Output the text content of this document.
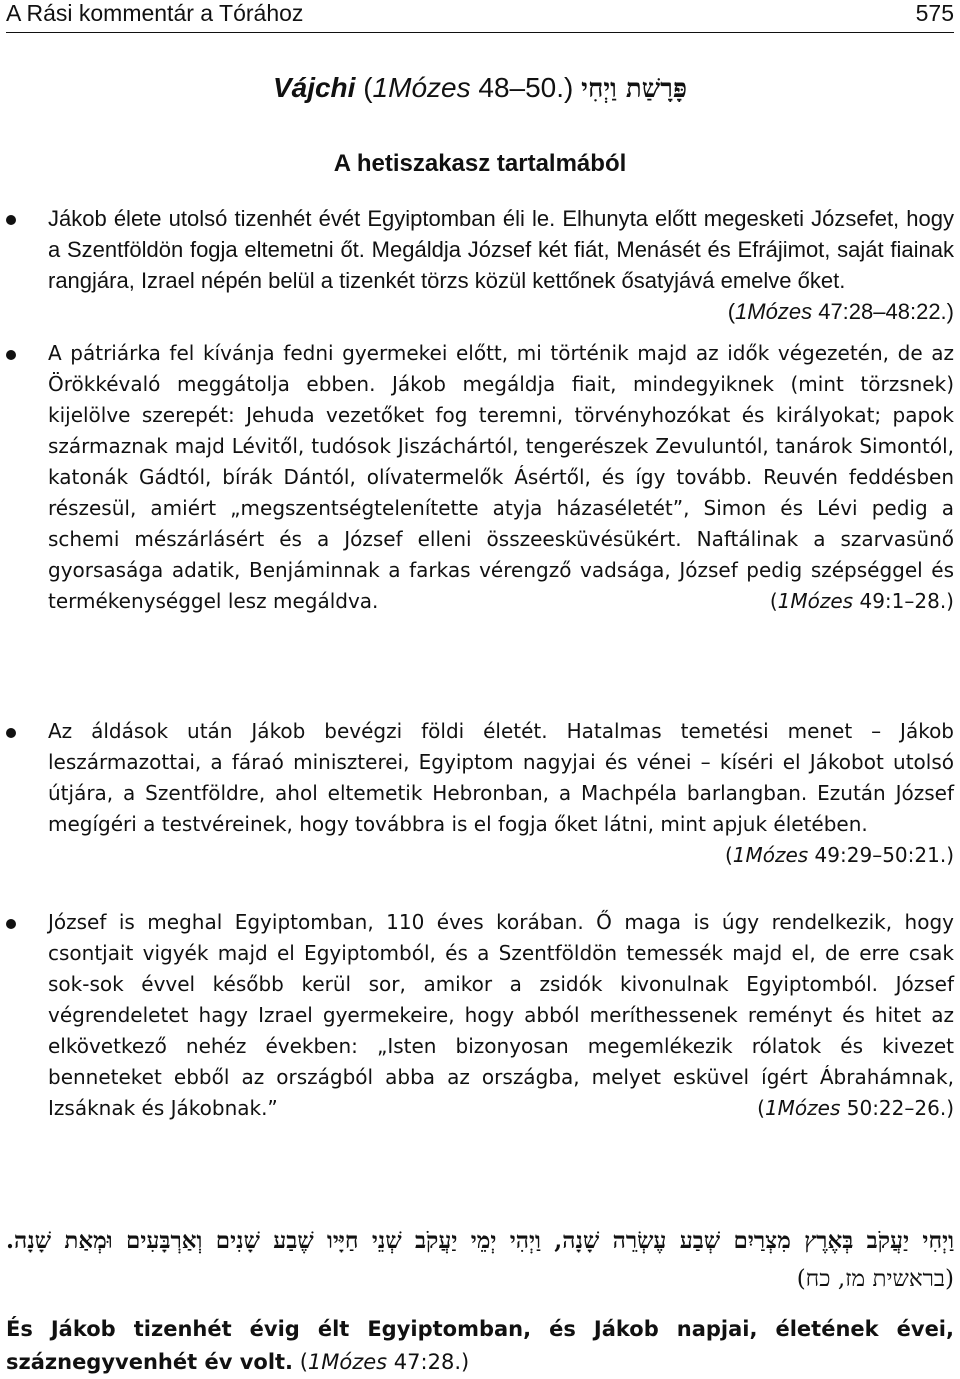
A Rási kommentár a Tórához	575
Vájchi (1Mózes 48–50.) פָּרָשַׁת וַיְחִי
A hetiszakasz tartalmából
Jákob élete utolsó tizenhét évét Egyiptomban éli le. Elhunyta előtt megesketi Józsefet, hogy a Szentföldön fogja eltemetni őt. Megáldja József két fiát, Menásét és Efrájimot, saját fiainak rangjára, Izrael népén belül a tizenkét törzs közül kettőnek ősatyjává emelve őket.
(1Mózes 47:28–48:22.)
A pátriárka fel kívánja fedni gyermekei előtt, mi történik majd az idők végezetén, de az Örökkévaló meggátolja ebben. Jákob megáldja fiait, mindegyiknek (mint törzsnek) kijelölve szerepét: Jehuda vezetőket fog teremni, törvényhozókat és királyokat; papok származnak majd Lévitől, tudósok Jiszáchártól, tengerészek Zevuluntól, tanárok Simontól, katonák Gádtól, bírák Dántól, olívatermelők Ásértől, és így tovább. Reuvén feddésben részesül, amiért „megszentségtelenítette atyja házaséletét”, Simon és Lévi pedig a schemi mészárlásért és a József elleni összeesküvésükért. Naftálinak a szarvasünő gyorsasága adatik, Benjáminnak a farkas vérengző vadsága, József pedig szépséggel és termékenységgel lesz megáldva.	(1Mózes 49:1–28.)
Az áldások után Jákob bevégzi földi életét. Hatalmas temetési menet – Jákob leszármazottai, a fáraó miniszterei, Egyiptom nagyjai és vénei – kíséri el Jákobot utolsó útjára, a Szentföldre, ahol eltemetik Hebronban, a Machpéla barlangban. Ezután József megígéri a testvéreinek, hogy továbbra is el fogja őket látni, mint apjuk életében.
(1Mózes 49:29–50:21.)
József is meghal Egyiptomban, 110 éves korában. Ő maga is úgy rendelkezik, hogy csontjait vigyék majd el Egyiptomból, és a Szentföldön temessék majd el, de erre csak sok-sok évvel később kerül sor, amikor a zsidók kivonulnak Egyiptomból. József végrendeletet hagy Izrael gyermekeire, hogy abból meríthessenek reményt és hitet az elkövetkező nehéz években: „Isten bizonyosan megemlékezik rólatok és kivezet benneteket ebből az országból abba az országba, melyet esküvel ígért Ábrahámnak, Izsáknak és Jákobnak.”	(1Mózes 50:22–26.)
וַיְחִי יַעֲקֹב בְּאֶרֶץ מִצְרַיִם שְׁבַע עֶשְׂרֵה שָׁנָה, וַיְהִי יְמֵי יַעֲקֹב שְׁנֵי חַיָּיו שֶׁבַע שָׁנִים וְאַרְבָּעִים וּמְאַת שָׁנָה. (בראשית מז, כח)
És Jákob tizenhét évig élt Egyiptomban, és Jákob napjai, életének évei, száznegyvenhét év volt. (1Mózes 47:28.)
